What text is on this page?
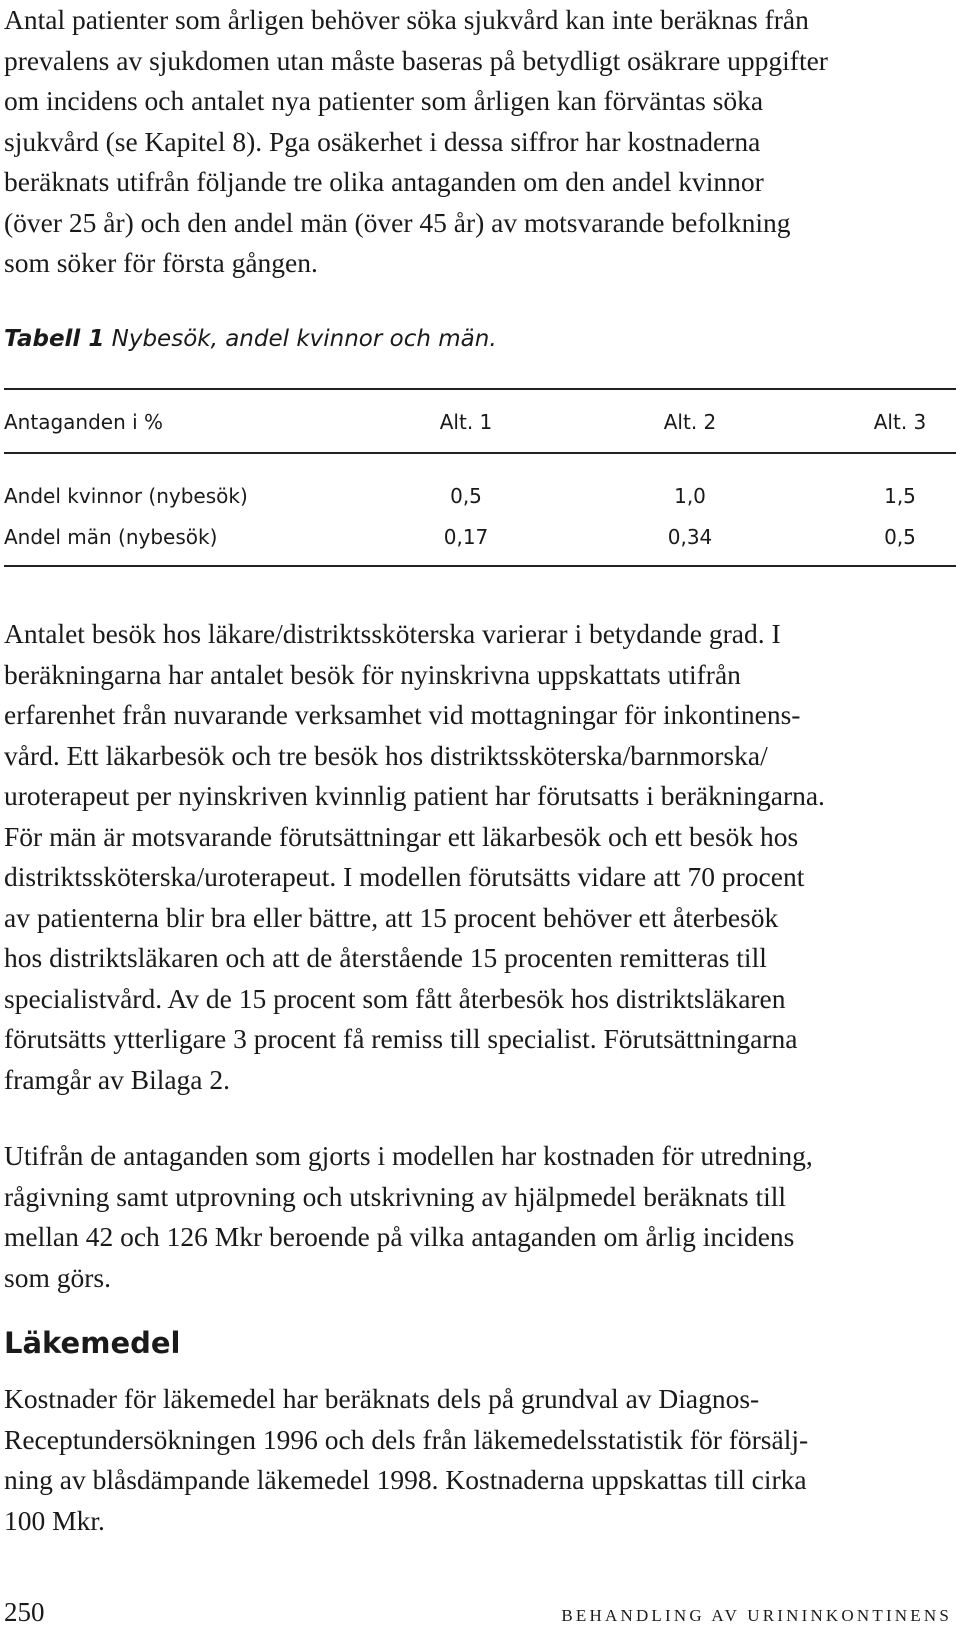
Antal patienter som årligen behöver söka sjukvård kan inte beräknas från
prevalens av sjukdomen utan måste baseras på betydligt osäkrare uppgifter
om incidens och antalet nya patienter som årligen kan förväntas söka
sjukvård (se Kapitel 8). Pga osäkerhet i dessa siffror har kostnaderna
beräknats utifrån följande tre olika antaganden om den andel kvinnor
(över 25 år) och den andel män (över 45 år) av motsvarande befolkning
som söker för första gången.

Tabell 1 Nybesök, andel kvinnor och män.
Antaganden i %	Alt. 1	Alt. 2	Alt. 3
Andel kvinnor (nybesök)	0,5	1,0	1,5
Andel män (nybesök)	0,17	0,34	0,5

Antalet besök hos läkare/distriktssköterska varierar i betydande grad. I
beräkningarna har antalet besök för nyinskrivna uppskattats utifrån
erfarenhet från nuvarande verksamhet vid mottagningar för inkontinens-
vård. Ett läkarbesök och tre besök hos distriktssköterska/barnmorska/
uroterapeut per nyinskriven kvinnlig patient har förutsatts i beräkningarna.
För män är motsvarande förutsättningar ett läkarbesök och ett besök hos
distriktssköterska/uroterapeut. I modellen förutsätts vidare att 70 procent
av patienterna blir bra eller bättre, att 15 procent behöver ett återbesök
hos distriktsläkaren och att de återstående 15 procenten remitteras till
specialistvård. Av de 15 procent som fått återbesök hos distriktsläkaren
förutsätts ytterligare 3 procent få remiss till specialist. Förutsättningarna
framgår av Bilaga 2.

Utifrån de antaganden som gjorts i modellen har kostnaden för utredning,
rågivning samt utprovning och utskrivning av hjälpmedel beräknats till
mellan 42 och 126 Mkr beroende på vilka antaganden om årlig incidens
som görs.

Läkemedel

Kostnader för läkemedel har beräknats dels på grundval av Diagnos-
Receptundersökningen 1996 och dels från läkemedelsstatistik för försälj-
ning av blåsdämpande läkemedel 1998. Kostnaderna uppskattas till cirka
100 Mkr.

250	BEHANDLING AV URININKONTINENS
